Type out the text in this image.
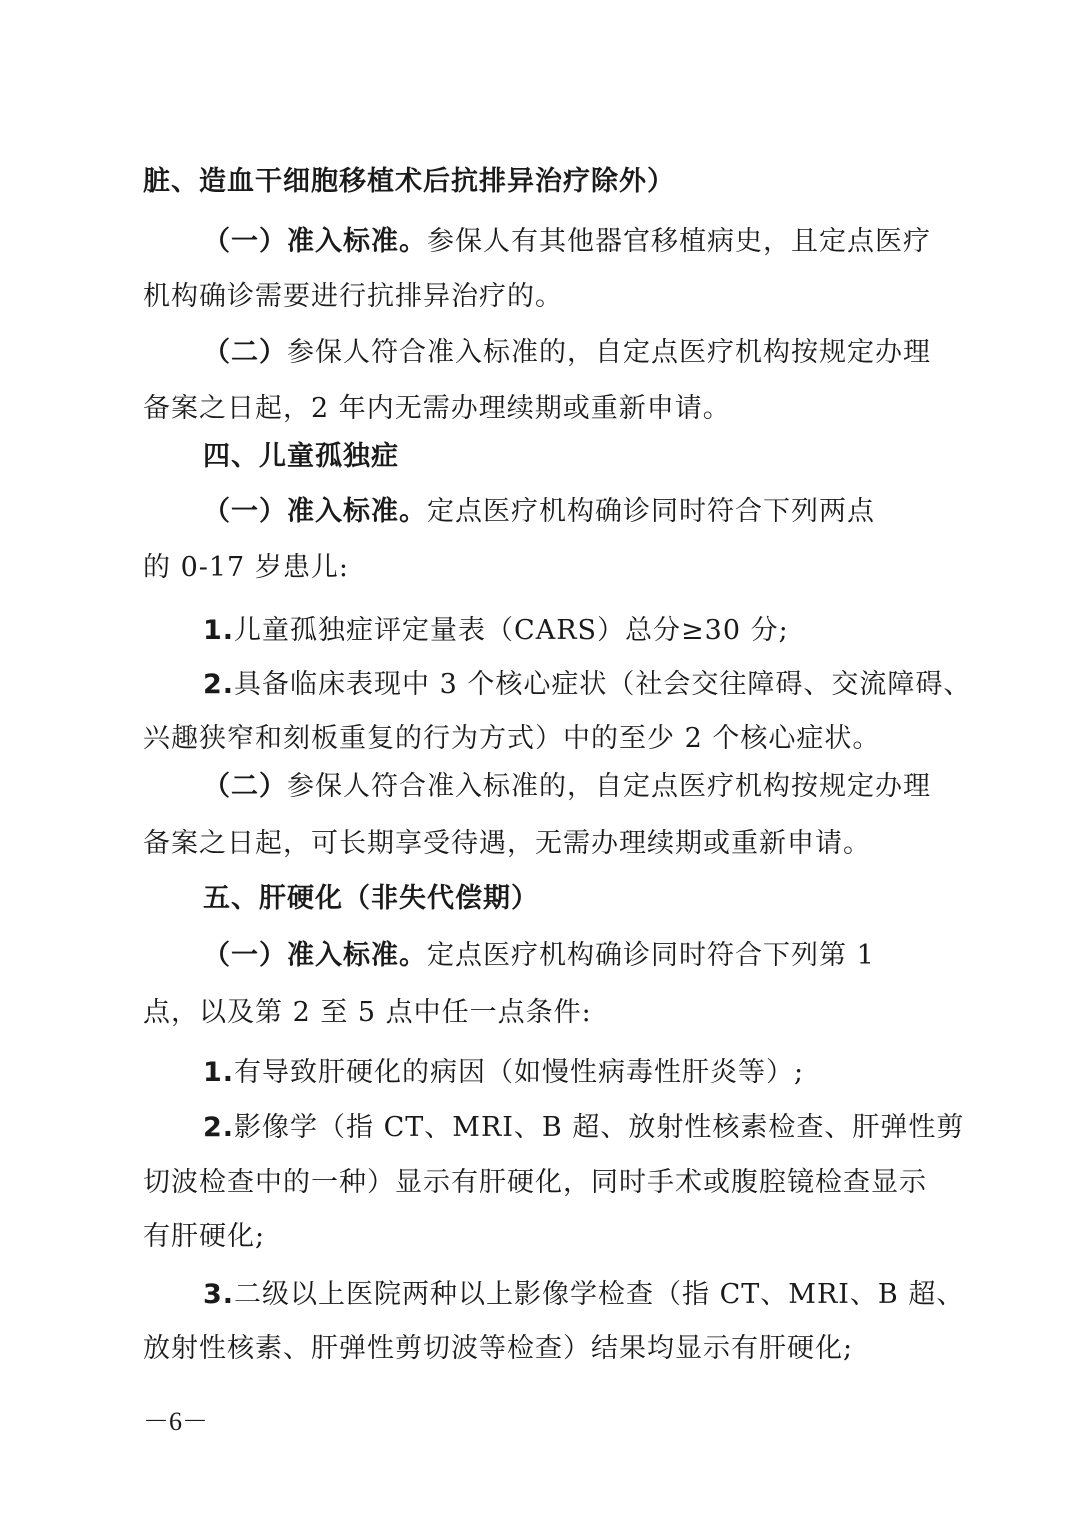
脏、造血干细胞移植术后抗排异治疗除外）
（一）准入标准。参保人有其他器官移植病史，且定点医疗
机构确诊需要进行抗排异治疗的。
（二）参保人符合准入标准的，自定点医疗机构按规定办理
备案之日起，2 年内无需办理续期或重新申请。
四、儿童孤独症
（一）准入标准。定点医疗机构确诊同时符合下列两点
的 0-17 岁患儿:
1.儿童孤独症评定量表（CARS）总分≥30 分;
2.具备临床表现中 3 个核心症状（社会交往障碍、交流障碍、
兴趣狭窄和刻板重复的行为方式）中的至少 2 个核心症状。
（二）参保人符合准入标准的，自定点医疗机构按规定办理
备案之日起，可长期享受待遇，无需办理续期或重新申请。
五、肝硬化（非失代偿期）
（一）准入标准。定点医疗机构确诊同时符合下列第 1
点，以及第 2 至 5 点中任一点条件:
1.有导致肝硬化的病因（如慢性病毒性肝炎等）;
2.影像学（指 CT、MRI、B 超、放射性核素检查、肝弹性剪
切波检查中的一种）显示有肝硬化，同时手术或腹腔镜检查显示
有肝硬化;
3.二级以上医院两种以上影像学检查（指 CT、MRI、B 超、
放射性核素、肝弹性剪切波等检查）结果均显示有肝硬化;
－6－
